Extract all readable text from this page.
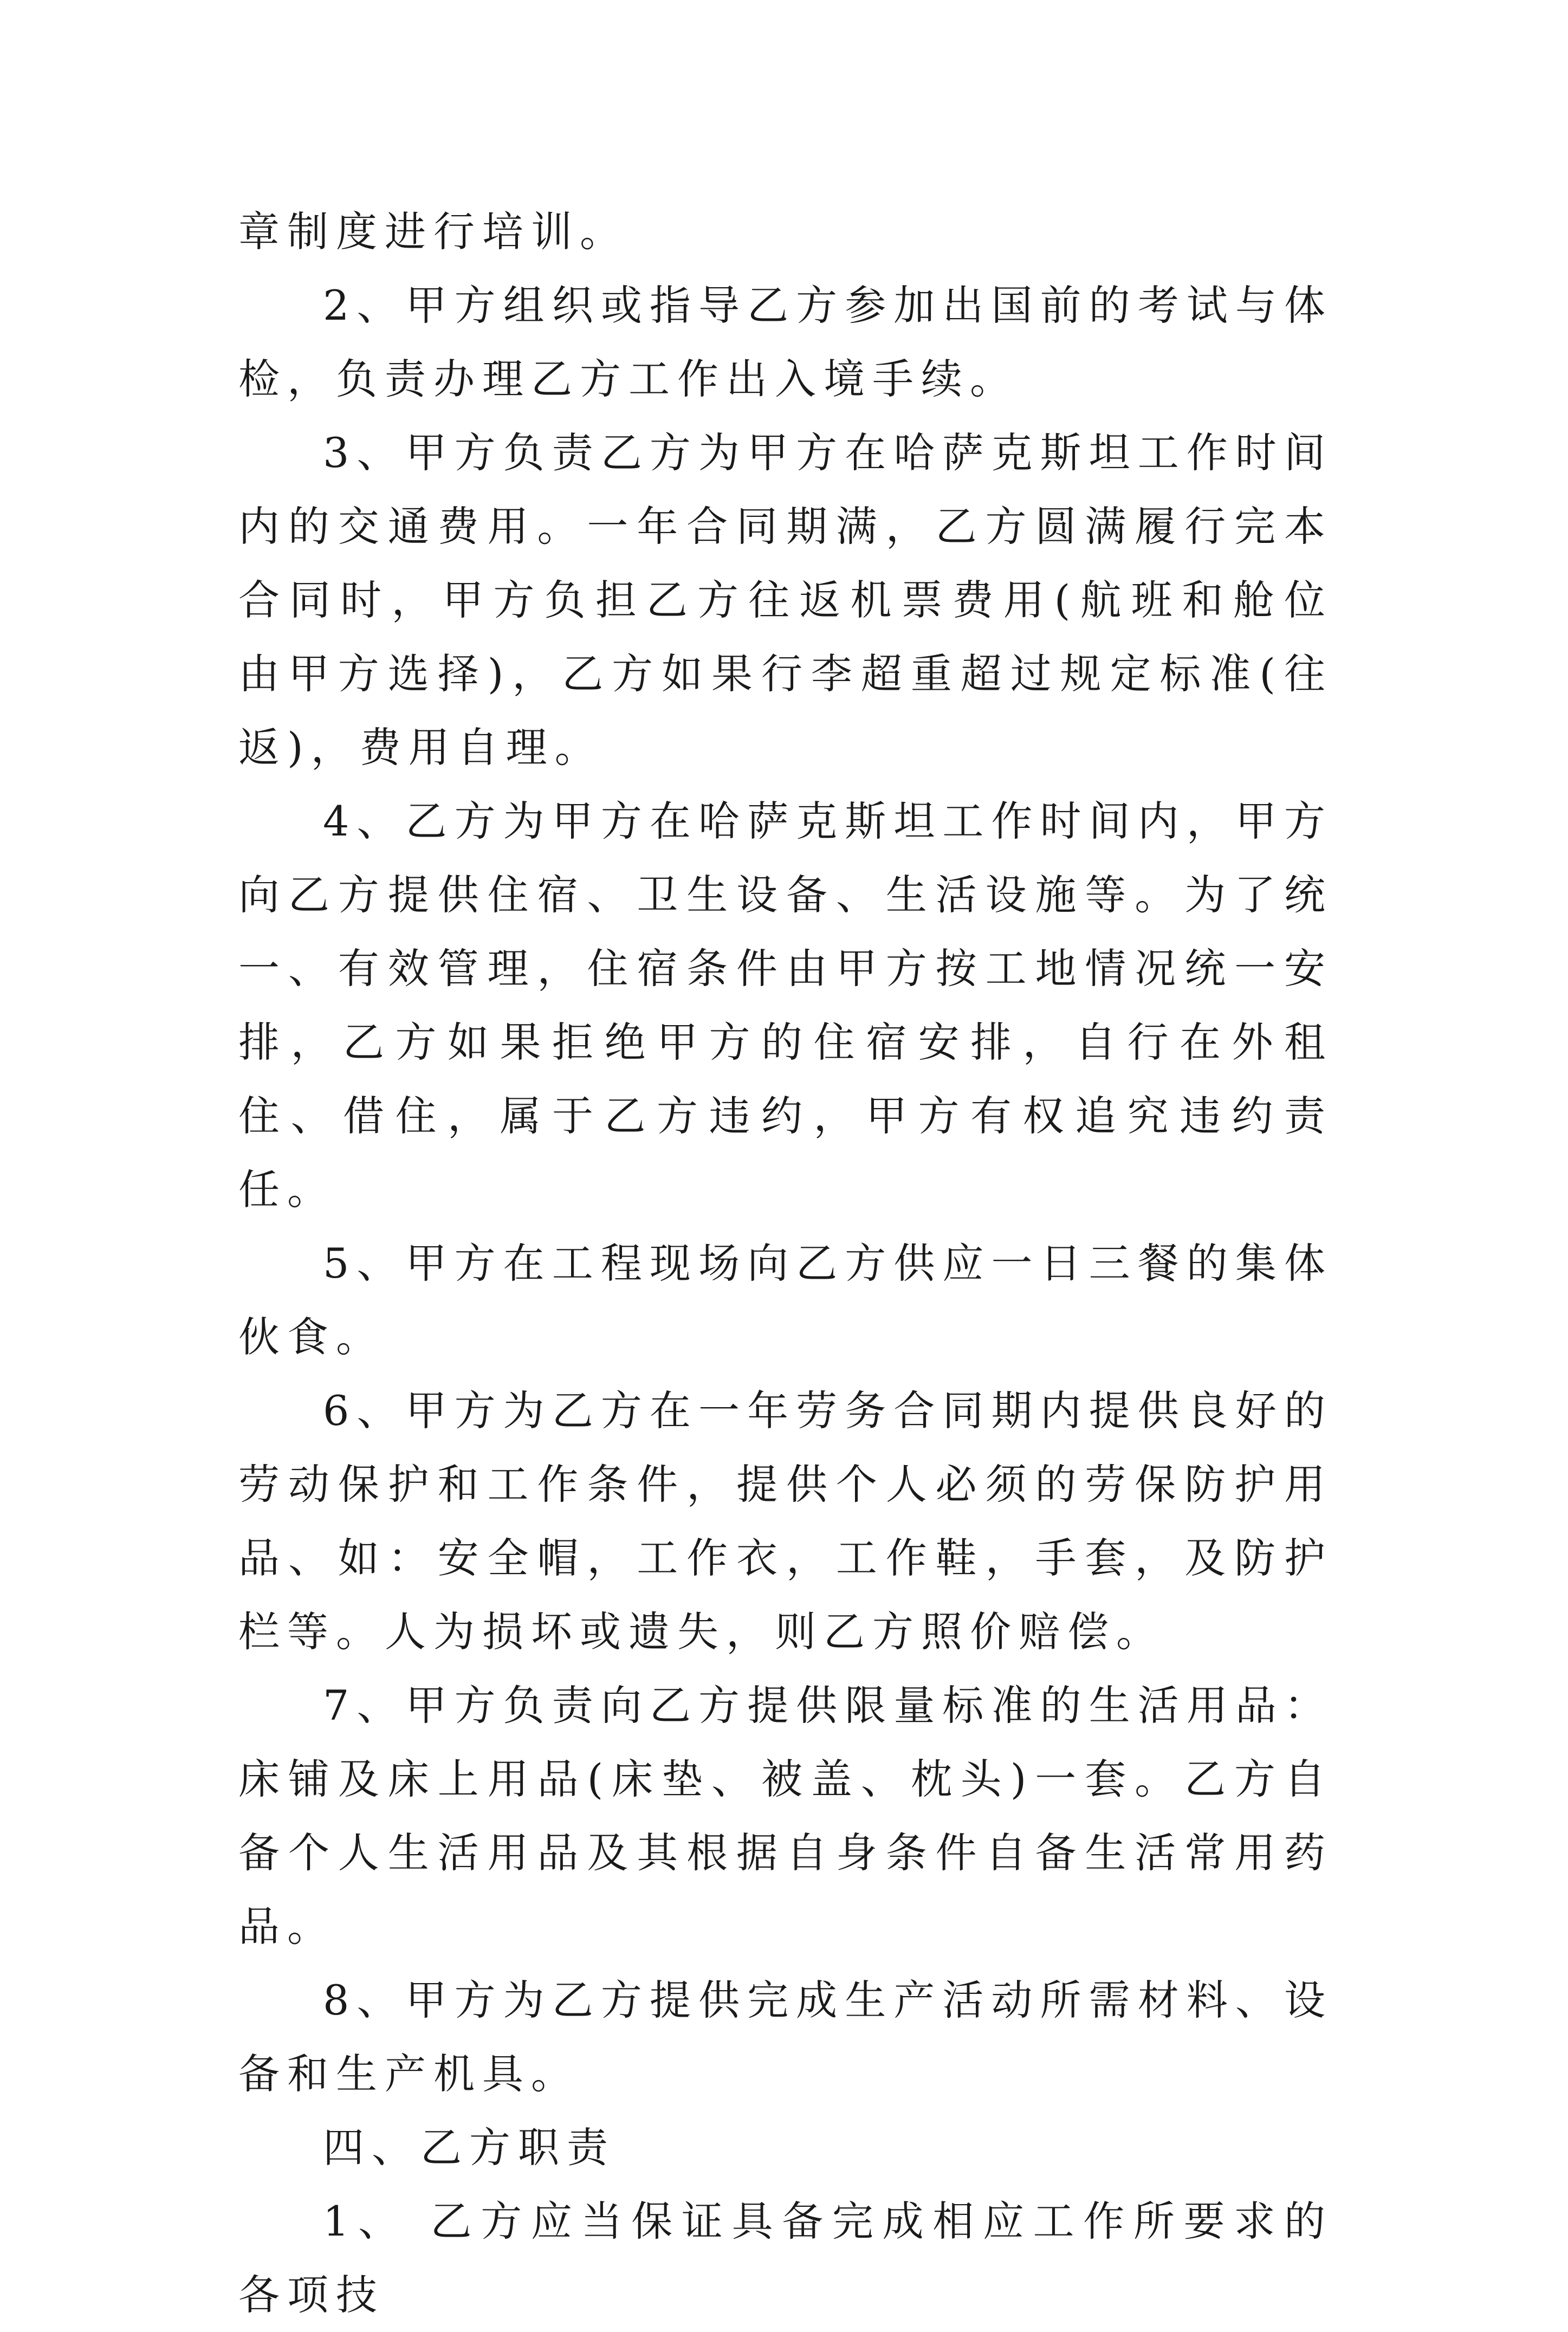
章制度进行培训。

2、甲方组织或指导乙方参加出国前的考试与体检，负责办理乙方工作出入境手续。

3、甲方负责乙方为甲方在哈萨克斯坦工作时间内的交通费用。一年合同期满，乙方圆满履行完本合同时，甲方负担乙方往返机票费用(航班和舱位由甲方选择)，乙方如果行李超重超过规定标准(往返)，费用自理。

4、乙方为甲方在哈萨克斯坦工作时间内，甲方向乙方提供住宿、卫生设备、生活设施等。为了统一、有效管理，住宿条件由甲方按工地情况统一安排，乙方如果拒绝甲方的住宿安排，自行在外租住、借住，属于乙方违约，甲方有权追究违约责任。

5、甲方在工程现场向乙方供应一日三餐的集体伙食。

6、甲方为乙方在一年劳务合同期内提供良好的劳动保护和工作条件，提供个人必须的劳保防护用品、如：安全帽，工作衣，工作鞋，手套，及防护栏等。人为损坏或遗失，则乙方照价赔偿。

7、甲方负责向乙方提供限量标准的生活用品：床铺及床上用品(床垫、被盖、枕头)一套。乙方自备个人生活用品及其根据自身条件自备生活常用药品。

8、甲方为乙方提供完成生产活动所需材料、设备和生产机具。

四、乙方职责

1、 乙方应当保证具备完成相应工作所要求的各项技
